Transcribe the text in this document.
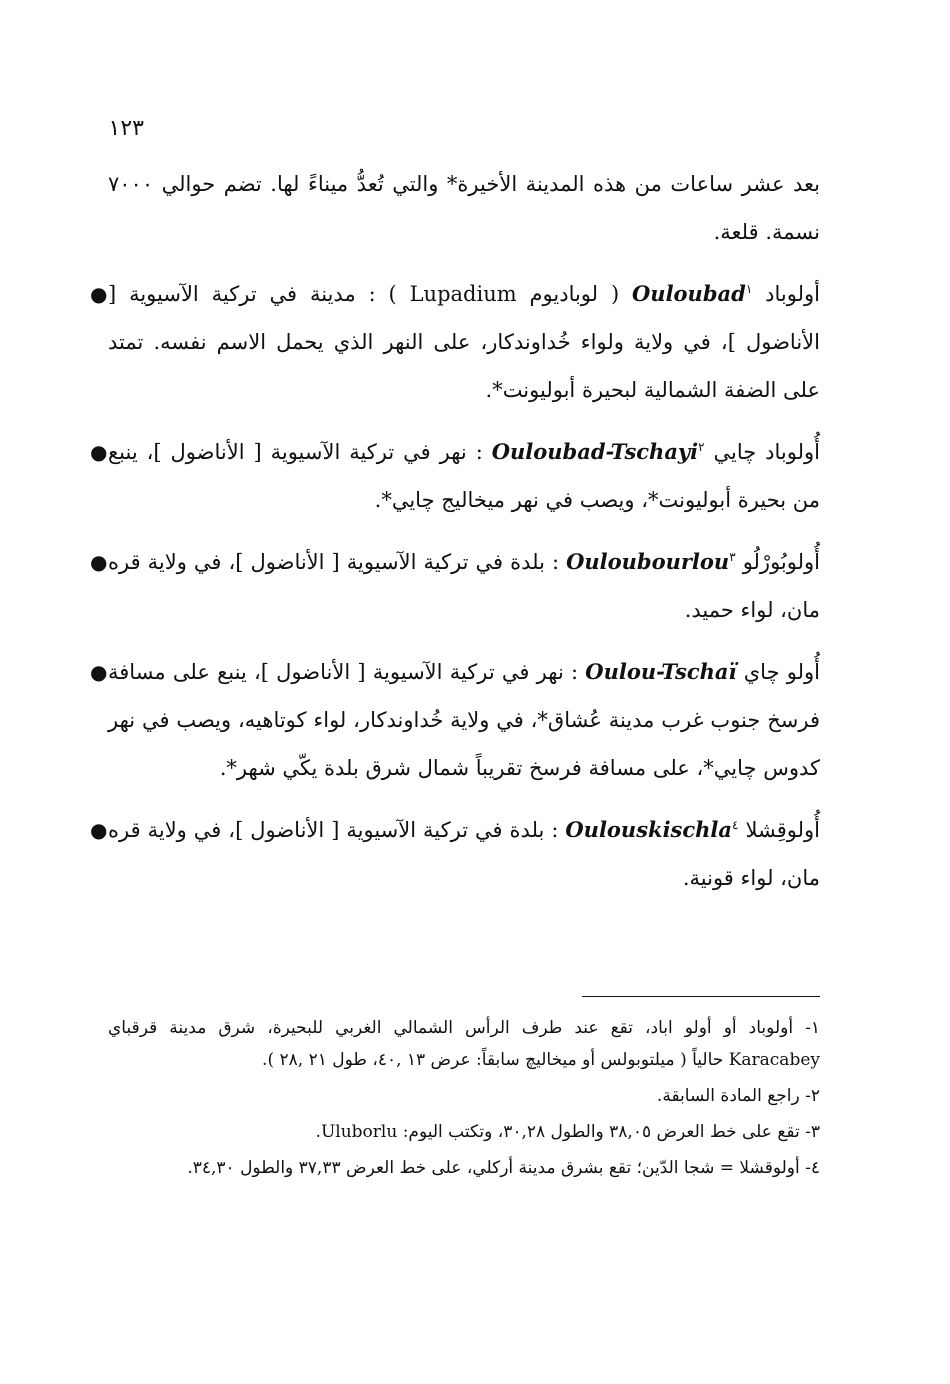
١٢٣

بعد عشر ساعات من هذه المدينة الأخيرة* والتي تُعدُّ ميناءً لها. تضم حوالي ٧٠٠٠ نسمة. قلعة.

●	أولوباد Ouloubad$^١$ ( لوباديوم Lupadium ) : مدينة في تركية الآسيوية [ الأناضول ]، في ولاية ولواء خُداوندكار، على النهر الذي يحمل الاسم نفسه. تمتد على الضفة الشمالية لبحيرة أبوليونت*.
●	أُولوباد چايي Ouloubad-Tschayi$^٢$ : نهر في تركية الآسيوية [ الأناضول ]، ينبع من بحيرة أبوليونت*، ويصب في نهر ميخاليج چايي*.
●	أُولوبُورْلُو Ouloubourlou$^٣$ : بلدة في تركية الآسيوية [ الأناضول ]، في ولاية قره مان، لواء حميد.
●	أُولو چاي Oulou-Tschaï : نهر في تركية الآسيوية [ الأناضول ]، ينبع على مسافة فرسخ جنوب غرب مدينة عُشاق*، في ولاية خُداوندكار، لواء كوتاهيه، ويصب في نهر كدوس چايي*، على مسافة فرسخ تقريباً شمال شرق بلدة يكّي شهر*.
●	أُولوقِشلا Oulouskischla$^٤$ : بلدة في تركية الآسيوية [ الأناضول ]، في ولاية قره مان، لواء قونية.

١- أولوباد أو أولو اباد، تقع عند طرف الرأس الشمالي الغربي للبحيرة، شرق مدينة قرقباي Karacabey حالياً ( ميلتوبولس أو ميخاليچ سابقاً: عرض ١٣ ,٤٠، طول ٢١ ,٢٨ ).

٢- راجع المادة السابقة.

٣- تقع على خط العرض ٣٨,٠٥ والطول ٣٠,٢٨، وتكتب اليوم: Uluborlu.

٤- أولوقشلا = شجا الدّين؛ تقع بشرق مدينة أركلي، على خط العرض ٣٧,٣٣ والطول ٣٤,٣٠.
